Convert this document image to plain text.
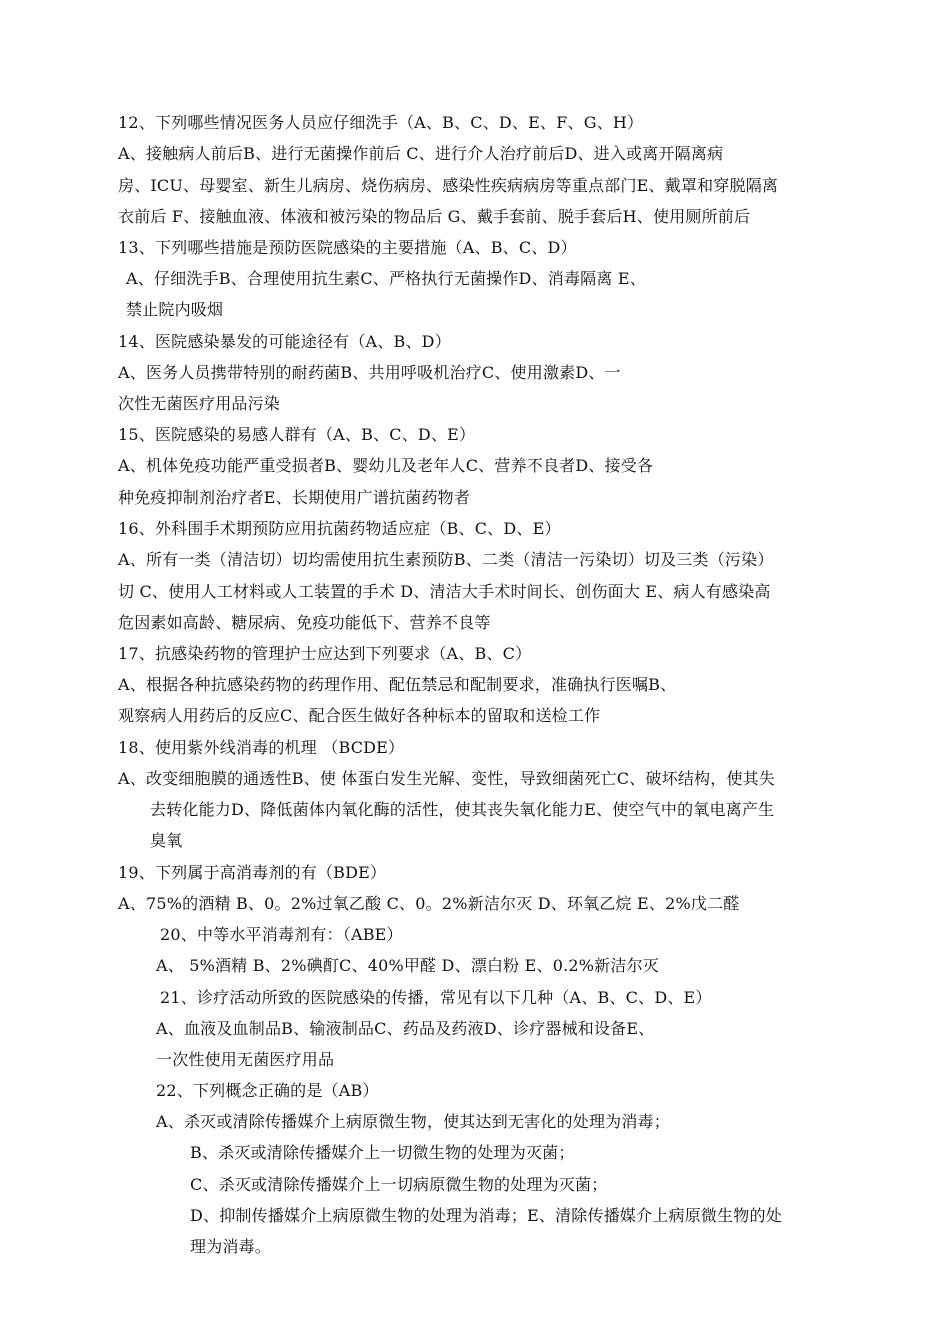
12、下列哪些情况医务人员应仔细洗手（A、B、C、D、E、F、G、H）
A、接触病人前后B、进行无菌操作前后 C、进行介人治疗前后D、进入或离开隔离病
房、ICU、母婴室、新生儿病房、烧伤病房、感染性疾病病房等重点部门E、戴罩和穿脱隔离
衣前后 F、接触血液、体液和被污染的物品后 G、戴手套前、脱手套后H、使用厕所前后
13、下列哪些措施是预防医院感染的主要措施（A、B、C、D）
A、仔细洗手B、合理使用抗生素C、严格执行无菌操作D、消毒隔离 E、
禁止院内吸烟
14、医院感染暴发的可能途径有（A、B、D）
A、医务人员携带特别的耐药菌B、共用呼吸机治疗C、使用激素D、一
次性无菌医疗用品污染
15、医院感染的易感人群有（A、B、C、D、E）
A、机体免疫功能严重受损者B、婴幼儿及老年人C、营养不良者D、接受各
种免疫抑制剂治疗者E、长期使用广谱抗菌药物者
16、外科围手术期预防应用抗菌药物适应症（B、C、D、E）
A、所有一类（清洁切）切均需使用抗生素预防B、二类（清洁一污染切）切及三类（污染）
切 C、使用人工材料或人工装置的手术 D、清洁大手术时间长、创伤面大 E、病人有感染高
危因素如高龄、糖尿病、免疫功能低下、营养不良等
17、抗感染药物的管理护士应达到下列要求（A、B、C）
A、根据各种抗感染药物的药理作用、配伍禁忌和配制要求，准确执行医嘱B、
观察病人用药后的反应C、配合医生做好各种标本的留取和送检工作
18、使用紫外线消毒的机理 （BCDE）
A、改变细胞膜的通透性B、使 体蛋白发生光解、变性，导致细菌死亡C、破坏结构，使其失
去转化能力D、降低菌体内氧化酶的活性，使其丧失氧化能力E、使空气中的氧电离产生
臭氧
19、下列属于高消毒剂的有（BDE）
A、75%的酒精 B、0。2%过氧乙酸 C、0。2%新洁尔灭 D、环氧乙烷 E、2%戊二醛
20、中等水平消毒剂有：（ABE）
A、 5%酒精 B、2%碘酊C、40%甲醛 D、漂白粉 E、0.2%新洁尔灭
21、诊疗活动所致的医院感染的传播，常见有以下几种（A、B、C、D、E）
A、血液及血制品B、输液制品C、药品及药液D、诊疗器械和设备E、
一次性使用无菌医疗用品
22、下列概念正确的是（AB）
A、杀灭或清除传播媒介上病原微生物，使其达到无害化的处理为消毒；
B、杀灭或清除传播媒介上一切微生物的处理为灭菌；
C、杀灭或清除传播媒介上一切病原微生物的处理为灭菌；
D、抑制传播媒介上病原微生物的处理为消毒；E、清除传播媒介上病原微生物的处
理为消毒。
